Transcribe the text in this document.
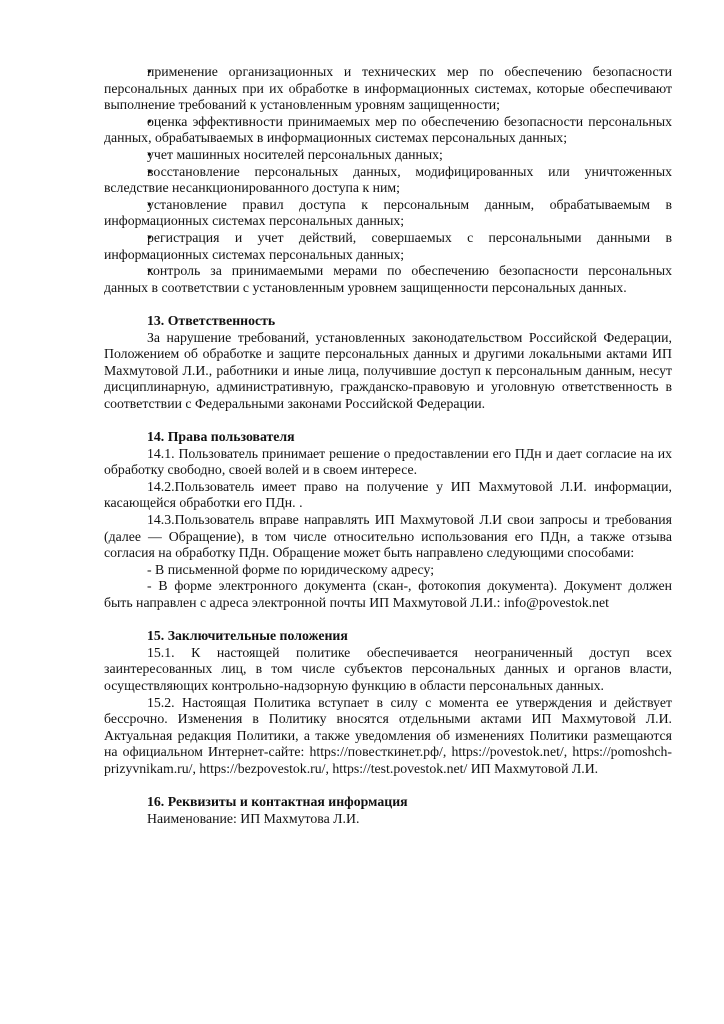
• применение организационных и технических мер по обеспечению безопасности персональных данных при их обработке в информационных системах, которые обеспечивают выполнение требований к установленным уровням защищенности;

• оценка эффективности принимаемых мер по обеспечению безопасности персональных данных, обрабатываемых в информационных системах персональных данных;

• учет машинных носителей персональных данных;

• восстановление персональных данных, модифицированных или уничтоженных вследствие несанкционированного доступа к ним;

• установление правил доступа к персональным данным, обрабатываемым в информационных системах персональных данных;

• регистрация и учет действий, совершаемых с персональными данными в информационных системах персональных данных;

• контроль за принимаемыми мерами по обеспечению безопасности персональных данных в соответствии с установленным уровнем защищенности персональных данных.

13. Ответственность

За нарушение требований, установленных законодательством Российской Федерации, Положением об обработке и защите персональных данных и другими локальными актами ИП Махмутовой Л.И., работники и иные лица, получившие доступ к персональным данным, несут дисциплинарную, административную, гражданско-правовую и уголовную ответственность в соответствии с Федеральными законами Российской Федерации.

14. Права пользователя

14.1. Пользователь принимает решение о предоставлении его ПДн и дает согласие на их обработку свободно, своей волей и в своем интересе.

14.2.Пользователь имеет право на получение у ИП Махмутовой Л.И. информации, касающейся обработки его ПДн. .

14.3.Пользователь вправе направлять ИП Махмутовой Л.И свои запросы и требования (далее — Обращение), в том числе относительно использования его ПДн, а также отзыва согласия на обработку ПДн. Обращение может быть направлено следующими способами:

- В письменной форме по юридическому адресу;

- В форме электронного документа (скан-, фотокопия документа). Документ должен быть направлен с адреса электронной почты ИП Махмутовой Л.И.: info@povestok.net

15. Заключительные положения

15.1. К настоящей политике обеспечивается неограниченный доступ всех заинтересованных лиц, в том числе субъектов персональных данных и органов власти, осуществляющих контрольно-надзорную функцию в области персональных данных.

15.2. Настоящая Политика вступает в силу с момента ее утверждения и действует бессрочно. Изменения в Политику вносятся отдельными актами ИП Махмутовой Л.И. Актуальная редакция Политики, а также уведомления об изменениях Политики размещаются на официальном Интернет-сайте: https://повесткинет.рф/, https://povestok.net/, https://pomoshch-prizyvnikam.ru/, https://bezpovestok.ru/, https://test.povestok.net/ ИП Махмутовой Л.И.

16. Реквизиты и контактная информация

Наименование: ИП Махмутова Л.И.
